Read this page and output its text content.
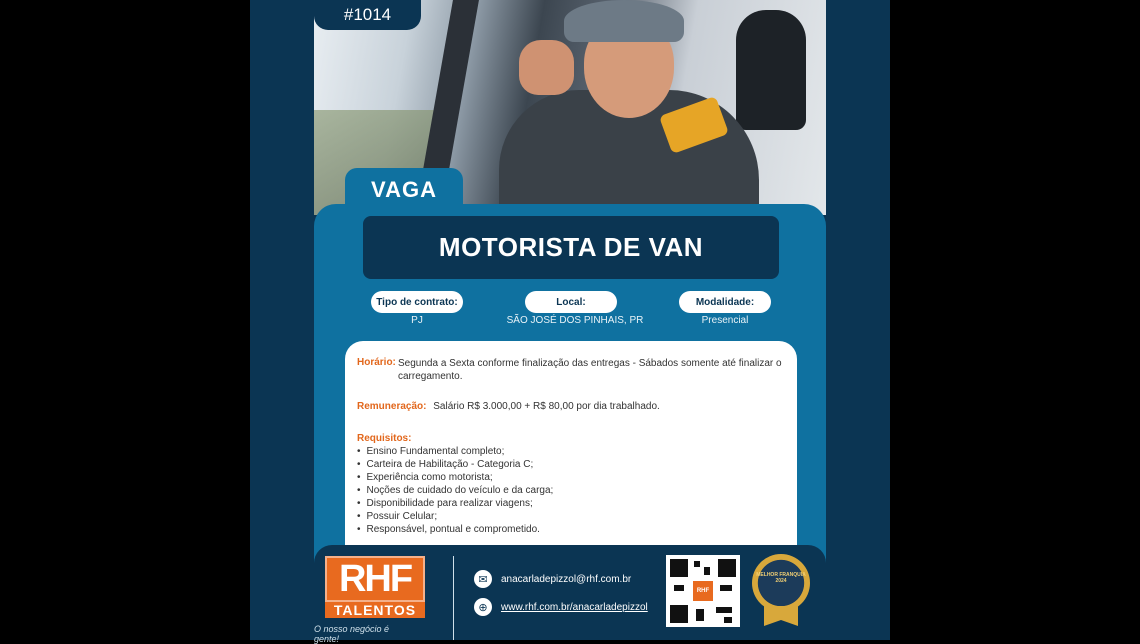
#1014
VAGA
MOTORISTA DE VAN
Tipo de contrato:
PJ
Local:
SÃO JOSÉ DOS PINHAIS, PR
Modalidade:
Presencial
Horário: Segunda a Sexta conforme finalização das entregas - Sábados somente até finalizar o carregamento.
Remuneração: Salário R$ 3.000,00 + R$ 80,00 por dia trabalhado.
Requisitos:
• Ensino Fundamental completo;
• Carteira de Habilitação - Categoria C;
• Experiência como motorista;
• Noções de cuidado do veículo e da carga;
• Disponibilidade para realizar viagens;
• Possuir Celular;
• Responsável, pontual e comprometido.
RHF
TALENTOS
O nosso negócio é gente!
✉	anacarladepizzol@rhf.com.br
⊕	www.rhf.com.br/anacarladepizzol
RHF
MELHOR FRANQUIA 2024
